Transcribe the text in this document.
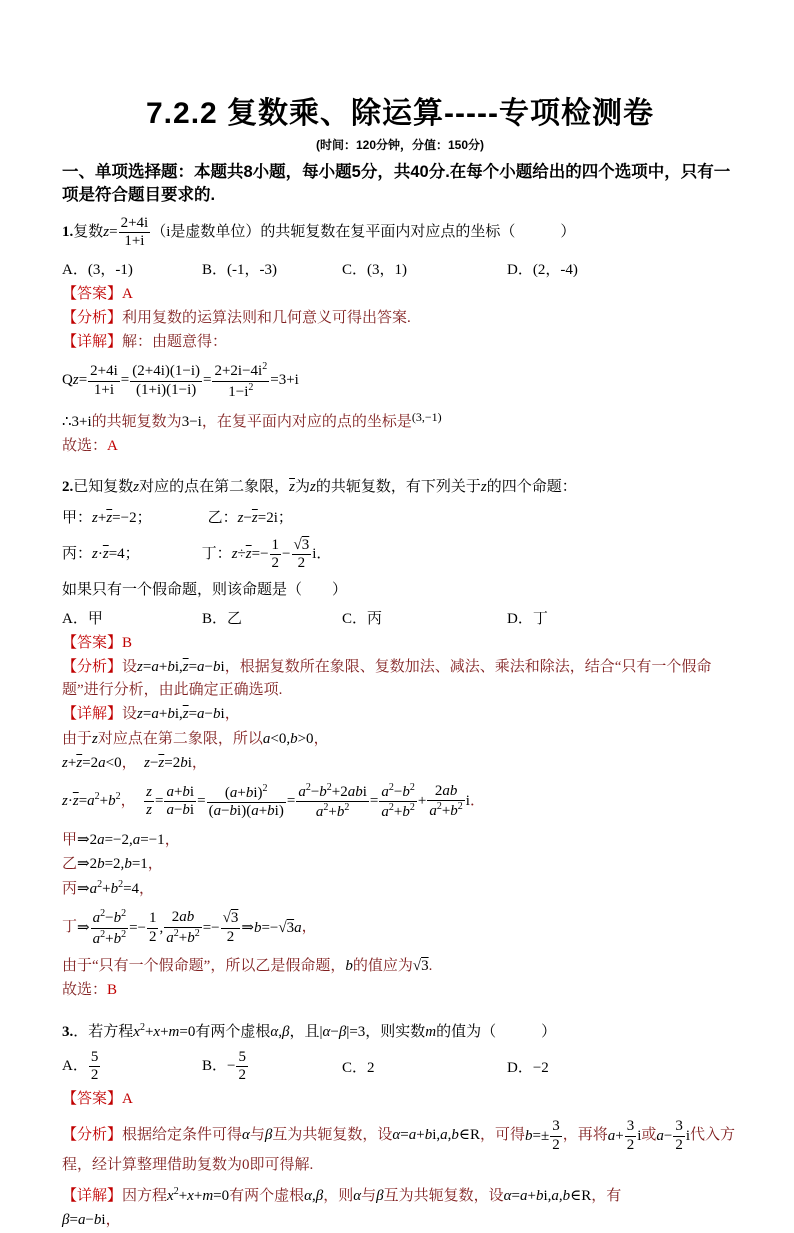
7.2.2 复数乘、除运算-----专项检测卷
(时间：120分钟，分值：150分)
一、单项选择题：本题共8小题，每小题5分，共40分.在每个小题给出的四个选项中，只有一项是符合题目要求的.
1.复数$z= \frac{2+4i}{1+i} (i$是虚数单位）的共轭复数在复平面内对应点的坐标（   ）
A．(3，-1)	B．(-1，-3)	C．(3，1)	D．(2，-4)
【答案】A
【分析】利用复数的运算法则和几何意义可得出答案.
【详解】解：由题意得：
$Qz= \frac{2+4i}{1+i} = \frac{(2+4i)(1-i)}{(1+i)(1-i)} = \frac{2+2i-4i^2}{1-i^2} =3+i$
∴3+i的共轭复数为3−i，在复平面内对应的点的坐标是$^{(3,-1)}$
故选：A
2.已知复数z对应的点在第二象限，$\overline{z}$为z的共轭复数，有下列关于z的四个命题：
甲：$z+\overline{z}=-2$；	乙：$z-\overline{z}=2i$；
丙：$z\cdot\overline{z}=4$；	丁：$z\div\overline{z}=- \frac{1}{2} - \frac{√3}{2}$ i．
如果只有一个假命题，则该命题是（  ）
A．甲	B．乙	C．丙	D．丁
【答案】B
【分析】设$z=a+bi,\overline{z}=a-bi$，根据复数所在象限、复数加法、减法、乘法和除法，结合“只有一个假命题”进行分析，由此确定正确选项.
【详解】设$z=a+bi,\overline{z}=a-bi$，
由于z对应点在第二象限，所以a<0,b>0，
$z+\overline{z}=2a<0$， $z-\overline{z}=2bi$，
$z\cdot\overline{z}=a^2+b^2$，  $\frac{z}{z} = \frac{a+bi}{a-bi} = \frac{(a+bi)^2}{(a-bi)(a+bi)}$ =
$a^2-b^2+2abi$
$a^2+b^2$	= $\frac{a^2-b^2}{a^2+b^2} + \frac{2ab}{a^2+b^2}$ i．
甲⇒2a=−2,a=−1，
乙⇒2b=2,b=1，
丙$\Rightarrow a^2+b^2=4$，
丁⇒ $\frac{a^2-b^2}{a^2+b^2} =- \frac{1}{2}$ , $\frac{2ab}{a^2+b^2} =- \frac{√3}{2}$ ⇒b=−√3a，
由于“只有一个假命题”，所以乙是假命题，b的值应为√3.
故选：B
3.．若方程$x^2+x+m=0$有两个虚根α,β，且|α−β|=3，则实数m的值为（   ）
A． $\frac{5}{2}$	B．− $\frac{5}{2}$	C．2	D．−2
【答案】A
【分析】根据给定条件可得α与β互为共轭复数，设α=a+bi,a,b∈R，可得$b=\pm \frac{3}{2}$ ，再将$a+ \frac{3}{2}$ i或$a- \frac{3}{2}$ i代入方程，经计算整理借助复数为0即可得解.
【详解】因方程$x^2+x+m=0$有两个虚根α,β，则α与β互为共轭复数，设α=a+bi,a,b∈R，有
β=a−bi，
